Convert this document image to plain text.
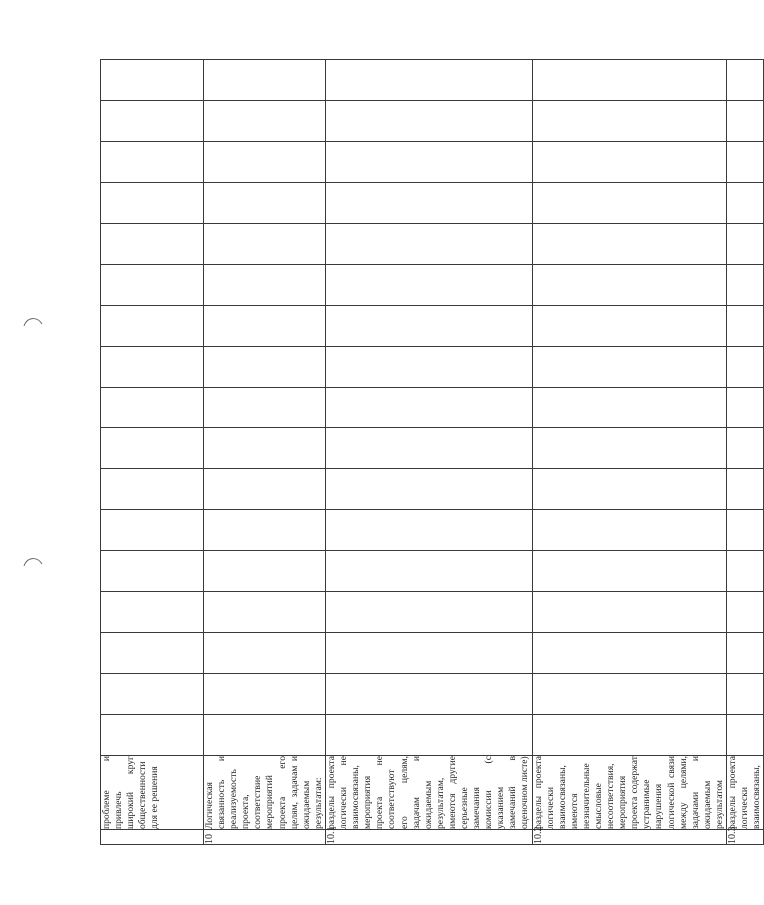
	проблеме и привлечь широкий круг общественности для ее решения																	

10	Логическая связанность и реализуемость проекта, соответствие мероприятий проекта его целям, задачам и ожидаемым результатам:																	

10.1	разделы проекта логически не взаимосвязаны, мероприятия проекта не соответствуют его целям, задачам и ожидаемым результатам, имеются другие серьезные замечания комиссии (с указанием замечаний в оценочном листе)																	

10.2	разделы проекта логически взаимосвязаны, имеются незначительные смысловые несоответствия, мероприятия проекта содержат устранимые нарушения логической связи между целями, задачами и ожидаемым результатом																	

10.3	разделы проекта логически взаимосвязаны,																	
